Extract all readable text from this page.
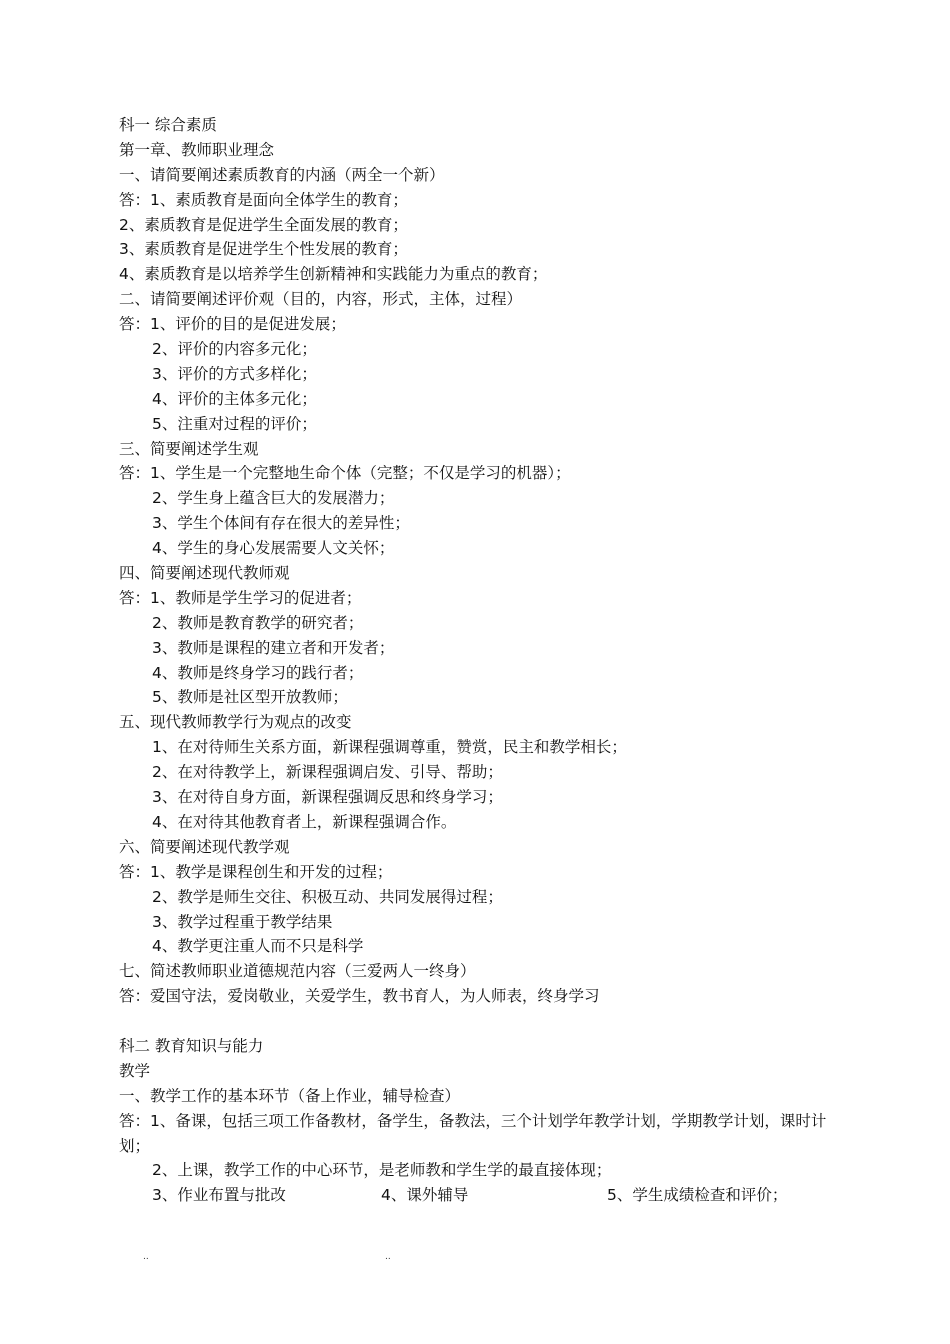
科一 综合素质
第一章、教师职业理念
一、请简要阐述素质教育的内涵（两全一个新）
答：1、素质教育是面向全体学生的教育；
2、素质教育是促进学生全面发展的教育；
3、素质教育是促进学生个性发展的教育；
4、素质教育是以培养学生创新精神和实践能力为重点的教育；
二、请简要阐述评价观（目的，内容，形式，主体，过程）
答：1、评价的目的是促进发展；
2、评价的内容多元化；
3、评价的方式多样化；
4、评价的主体多元化；
5、注重对过程的评价；
三、简要阐述学生观
答：1、学生是一个完整地生命个体（完整；不仅是学习的机器）；
2、学生身上蕴含巨大的发展潜力；
3、学生个体间有存在很大的差异性；
4、学生的身心发展需要人文关怀；
四、简要阐述现代教师观
答：1、教师是学生学习的促进者；
2、教师是教育教学的研究者；
3、教师是课程的建立者和开发者；
4、教师是终身学习的践行者；
5、教师是社区型开放教师；
五、现代教师教学行为观点的改变
1、在对待师生关系方面，新课程强调尊重，赞赏，民主和教学相长；
2、在对待教学上，新课程强调启发、引导、帮助；
3、在对待自身方面，新课程强调反思和终身学习；
4、在对待其他教育者上，新课程强调合作。
六、简要阐述现代教学观
答：1、教学是课程创生和开发的过程；
2、教学是师生交往、积极互动、共同发展得过程；
3、教学过程重于教学结果
4、教学更注重人而不只是科学
七、简述教师职业道德规范内容（三爱两人一终身）
答：爱国守法，爱岗敬业，关爱学生，教书育人，为人师表，终身学习
科二 教育知识与能力
教学
一、教学工作的基本环节（备上作业，辅导检查）
答：1、备课，包括三项工作备教材，备学生，备教法，三个计划学年教学计划，学期教学计划，课时计划；
2、上课，教学工作的中心环节，是老师教和学生学的最直接体现；
3、作业布置与批改	4、课外辅导	5、学生成绩检查和评价；
..	..
